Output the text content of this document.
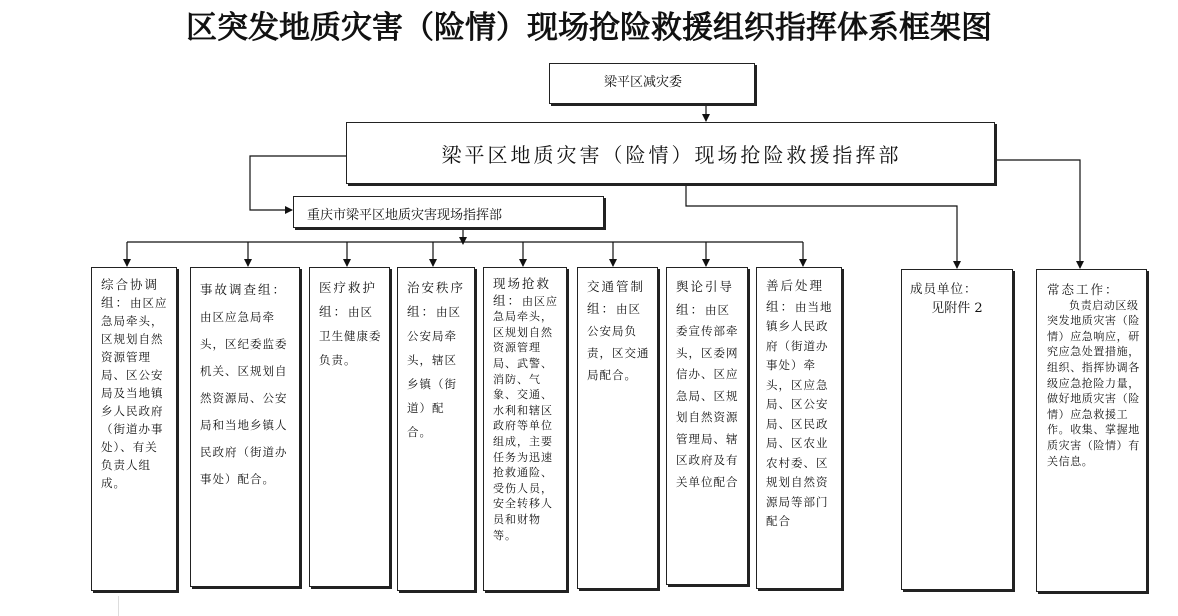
区突发地质灾害（险情）现场抢险救援组织指挥体系框架图
梁平区减灾委
梁平区地质灾害（险情）现场抢险救援指挥部
重庆市梁平区地质灾害现场指挥部
综合协调组：由区应急局牵头，区规划自然资源管理局、区公安局及当地镇乡人民政府（街道办事处）、有关负责人组成。
事故调查组：由区应急局牵头，区纪委监委机关、区规划自然资源局、公安局和当地乡镇人民政府（街道办事处）配合。
医疗救护组：由区卫生健康委负责。
治安秩序组：由区公安局牵头，辖区乡镇（街道）配合。
现场抢救组：由区应急局牵头，区规划自然资源管理局、武警、消防、气象、交通、水利和辖区政府等单位组成，主要任务为迅速抢救通险、受伤人员，安全转移人员和财物等。
交通管制组：由区公安局负责，区交通局配合。
舆论引导组：由区委宣传部牵头，区委网信办、区应急局、区规划自然资源管理局、辖区政府及有关单位配合
善后处理组：由当地镇乡人民政府（街道办事处）牵头，区应急局、区公安局、区民政局、区农业农村委、区规划自然资源局等部门配合
成员单位：
见附件 2
常态工作：
负责启动区级突发地质灾害（险情）应急响应，研究应急处置措施，组织、指挥协调各级应急抢险力量，做好地质灾害（险情）应急救援工作。收集、掌握地质灾害（险情）有关信息。
